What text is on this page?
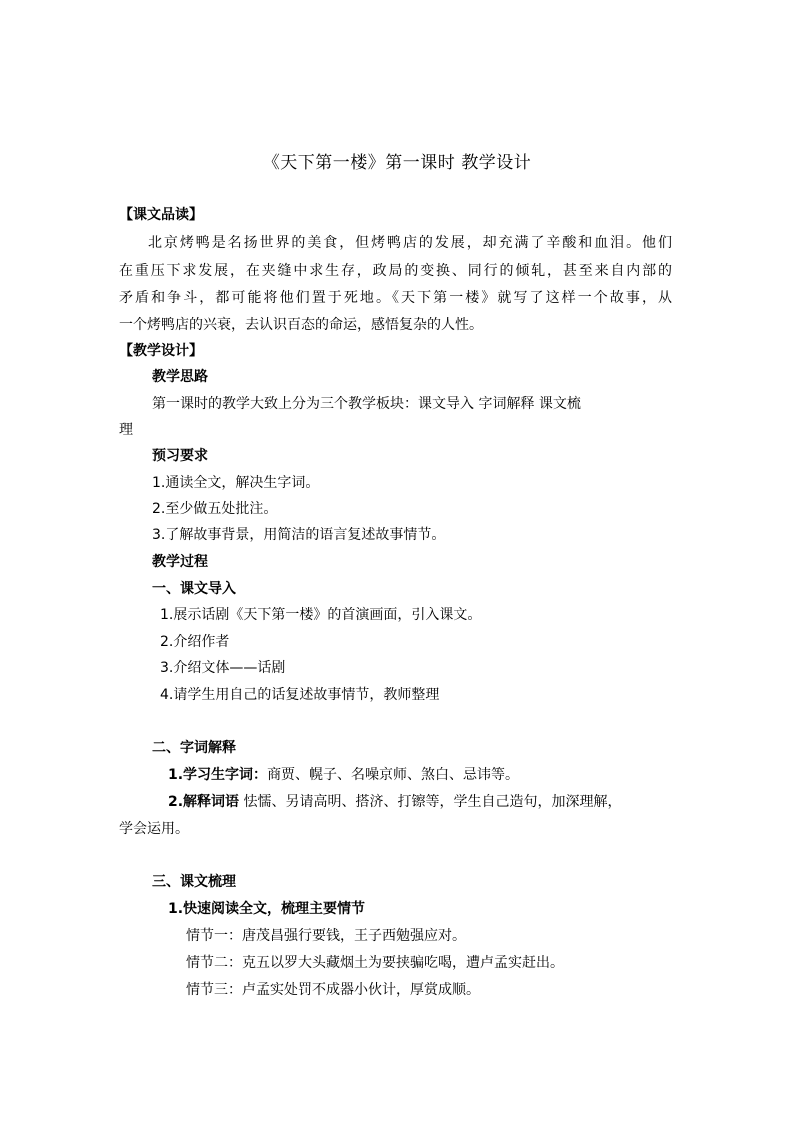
《天下第一楼》第一课时 教学设计
【课文品读】
北京烤鸭是名扬世界的美食，但烤鸭店的发展，却充满了辛酸和血泪。他们
在重压下求发展，在夹缝中求生存，政局的变换、同行的倾轧，甚至来自内部的
矛盾和争斗，都可能将他们置于死地。《天下第一楼》就写了这样一个故事，从
一个烤鸭店的兴衰，去认识百态的命运，感悟复杂的人性。
【教学设计】
教学思路
第一课时的教学大致上分为三个教学板块：课文导入 字词解释 课文梳
理
预习要求
1.通读全文，解决生字词。
2.至少做五处批注。
3.了解故事背景，用简洁的语言复述故事情节。
教学过程
一、课文导入
1.展示话剧《天下第一楼》的首演画面，引入课文。
2.介绍作者
3.介绍文体——话剧
4.请学生用自己的话复述故事情节，教师整理
二、字词解释
1.学习生字词：商贾、幌子、名噪京师、煞白、忌讳等。
2.解释词语 怯懦、另请高明、搭济、打镲等，学生自己造句，加深理解，
学会运用。
三、课文梳理
1.快速阅读全文，梳理主要情节
情节一：唐茂昌强行要钱，王子西勉强应对。
情节二：克五以罗大头藏烟土为要挟骗吃喝，遭卢孟实赶出。
情节三：卢孟实处罚不成器小伙计，厚赏成顺。
